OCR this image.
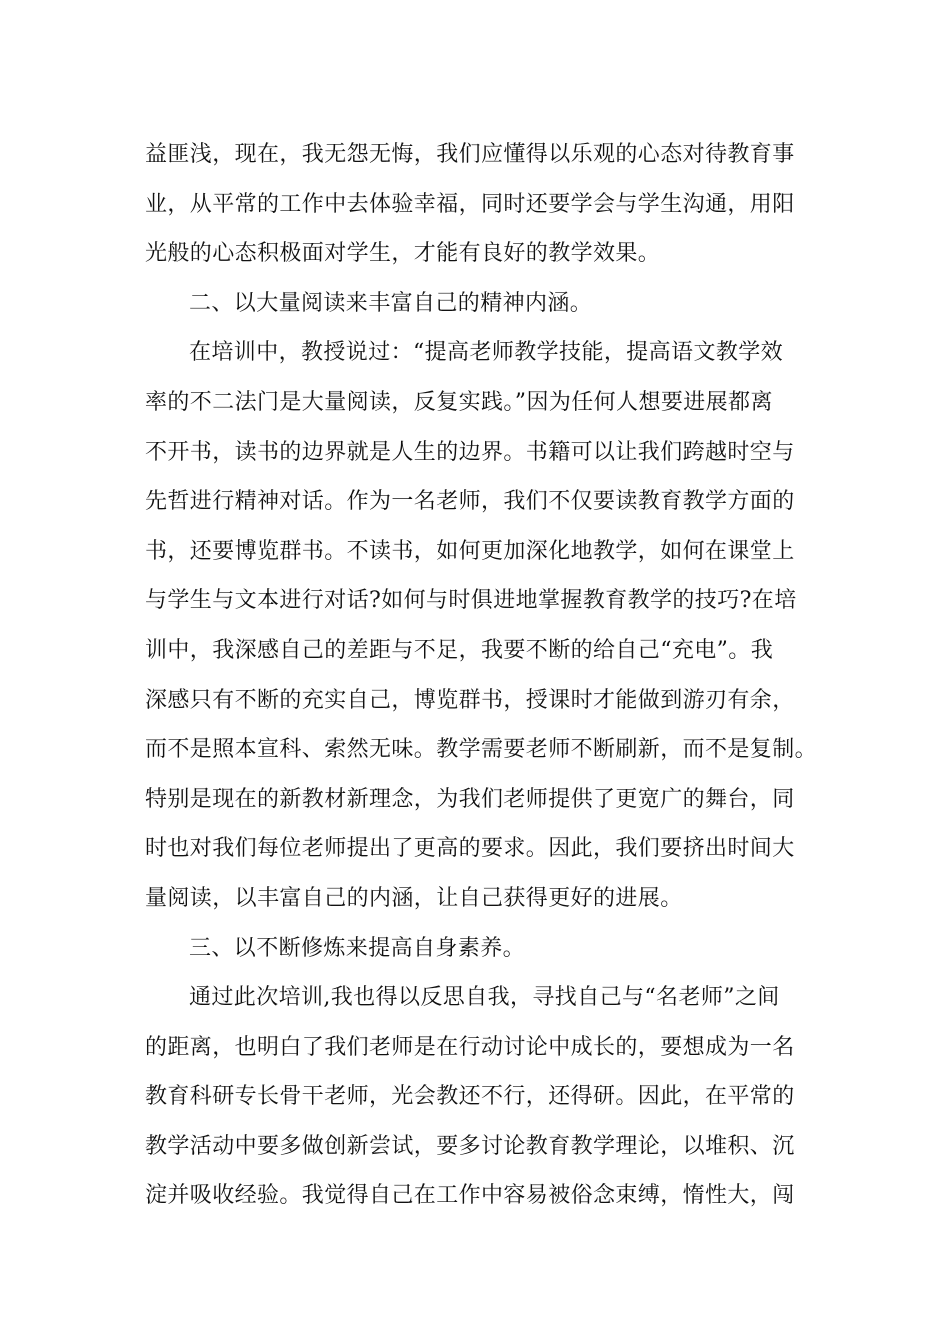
益匪浅，现在，我无怨无悔，我们应懂得以乐观的心态对待教育事
业，从平常的工作中去体验幸福，同时还要学会与学生沟通，用阳
光般的心态积极面对学生，才能有良好的教学效果。
二、以大量阅读来丰富自己的精神内涵。
在培训中，教授说过：“提高老师教学技能，提高语文教学效
率的不二法门是大量阅读，反复实践。”因为任何人想要进展都离
不开书，读书的边界就是人生的边界。书籍可以让我们跨越时空与
先哲进行精神对话。作为一名老师，我们不仅要读教育教学方面的
书，还要博览群书。不读书，如何更加深化地教学，如何在课堂上
与学生与文本进行对话?如何与时俱进地掌握教育教学的技巧?在培
训中，我深感自己的差距与不足，我要不断的给自己“充电”。我
深感只有不断的充实自己，博览群书，授课时才能做到游刃有余，
而不是照本宣科、索然无味。教学需要老师不断刷新，而不是复制。
特别是现在的新教材新理念，为我们老师提供了更宽广的舞台，同
时也对我们每位老师提出了更高的要求。因此，我们要挤出时间大
量阅读，以丰富自己的内涵，让自己获得更好的进展。
三、以不断修炼来提高自身素养。
通过此次培训,我也得以反思自我，寻找自己与“名老师”之间
的距离，也明白了我们老师是在行动讨论中成长的，要想成为一名
教育科研专长骨干老师，光会教还不行，还得研。因此，在平常的
教学活动中要多做创新尝试，要多讨论教育教学理论，以堆积、沉
淀并吸收经验。我觉得自己在工作中容易被俗念束缚，惰性大，闯
